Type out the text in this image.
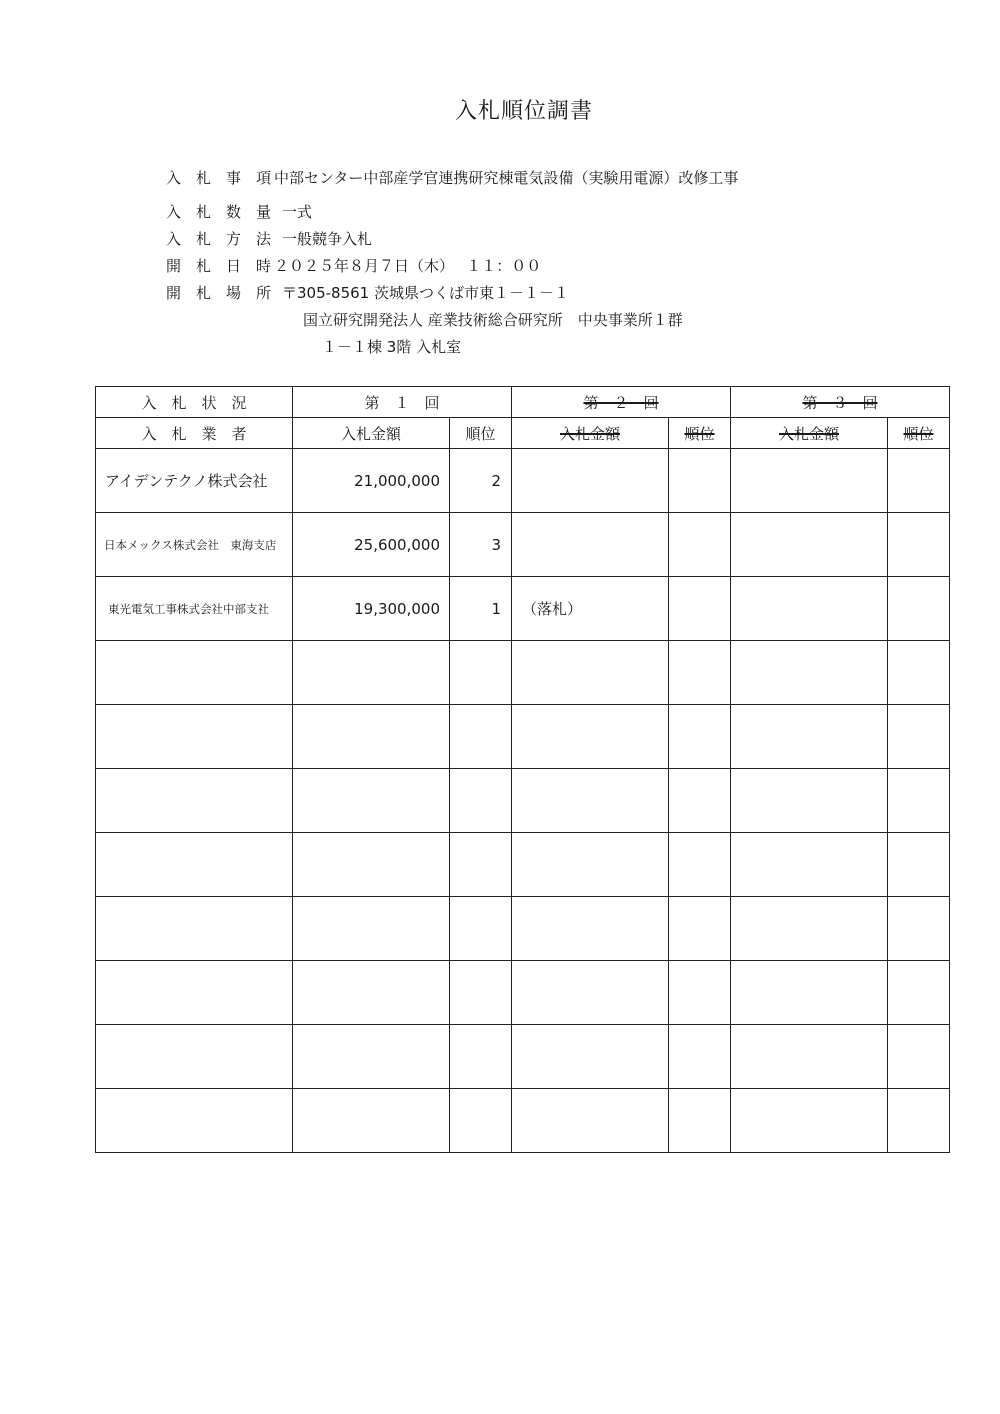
入札順位調書
入　札　事　項 中部センター中部産学官連携研究棟電気設備（実験用電源）改修工事
入　札　数　量 一式
入　札　方　法 一般競争入札
開　札　日　時 ２０２５年８月７日（木）　 １１：００
開　札　場　所 〒305-8561 茨城県つくば市東１－１－１
国立研究開発法人 産業技術総合研究所　中央事業所１群
１－１棟 3階 入札室
入　札　状　況	第　１　回		第　２　回		第　３　回	
入　札　業　者	入札金額	順位	入札金額	順位	入札金額	順位
アイデンテクノ株式会社	21,000,000	2				
日本メックス株式会社　東海支店	25,600,000	3				
東光電気工事株式会社中部支社	19,300,000	1	（落札）			
